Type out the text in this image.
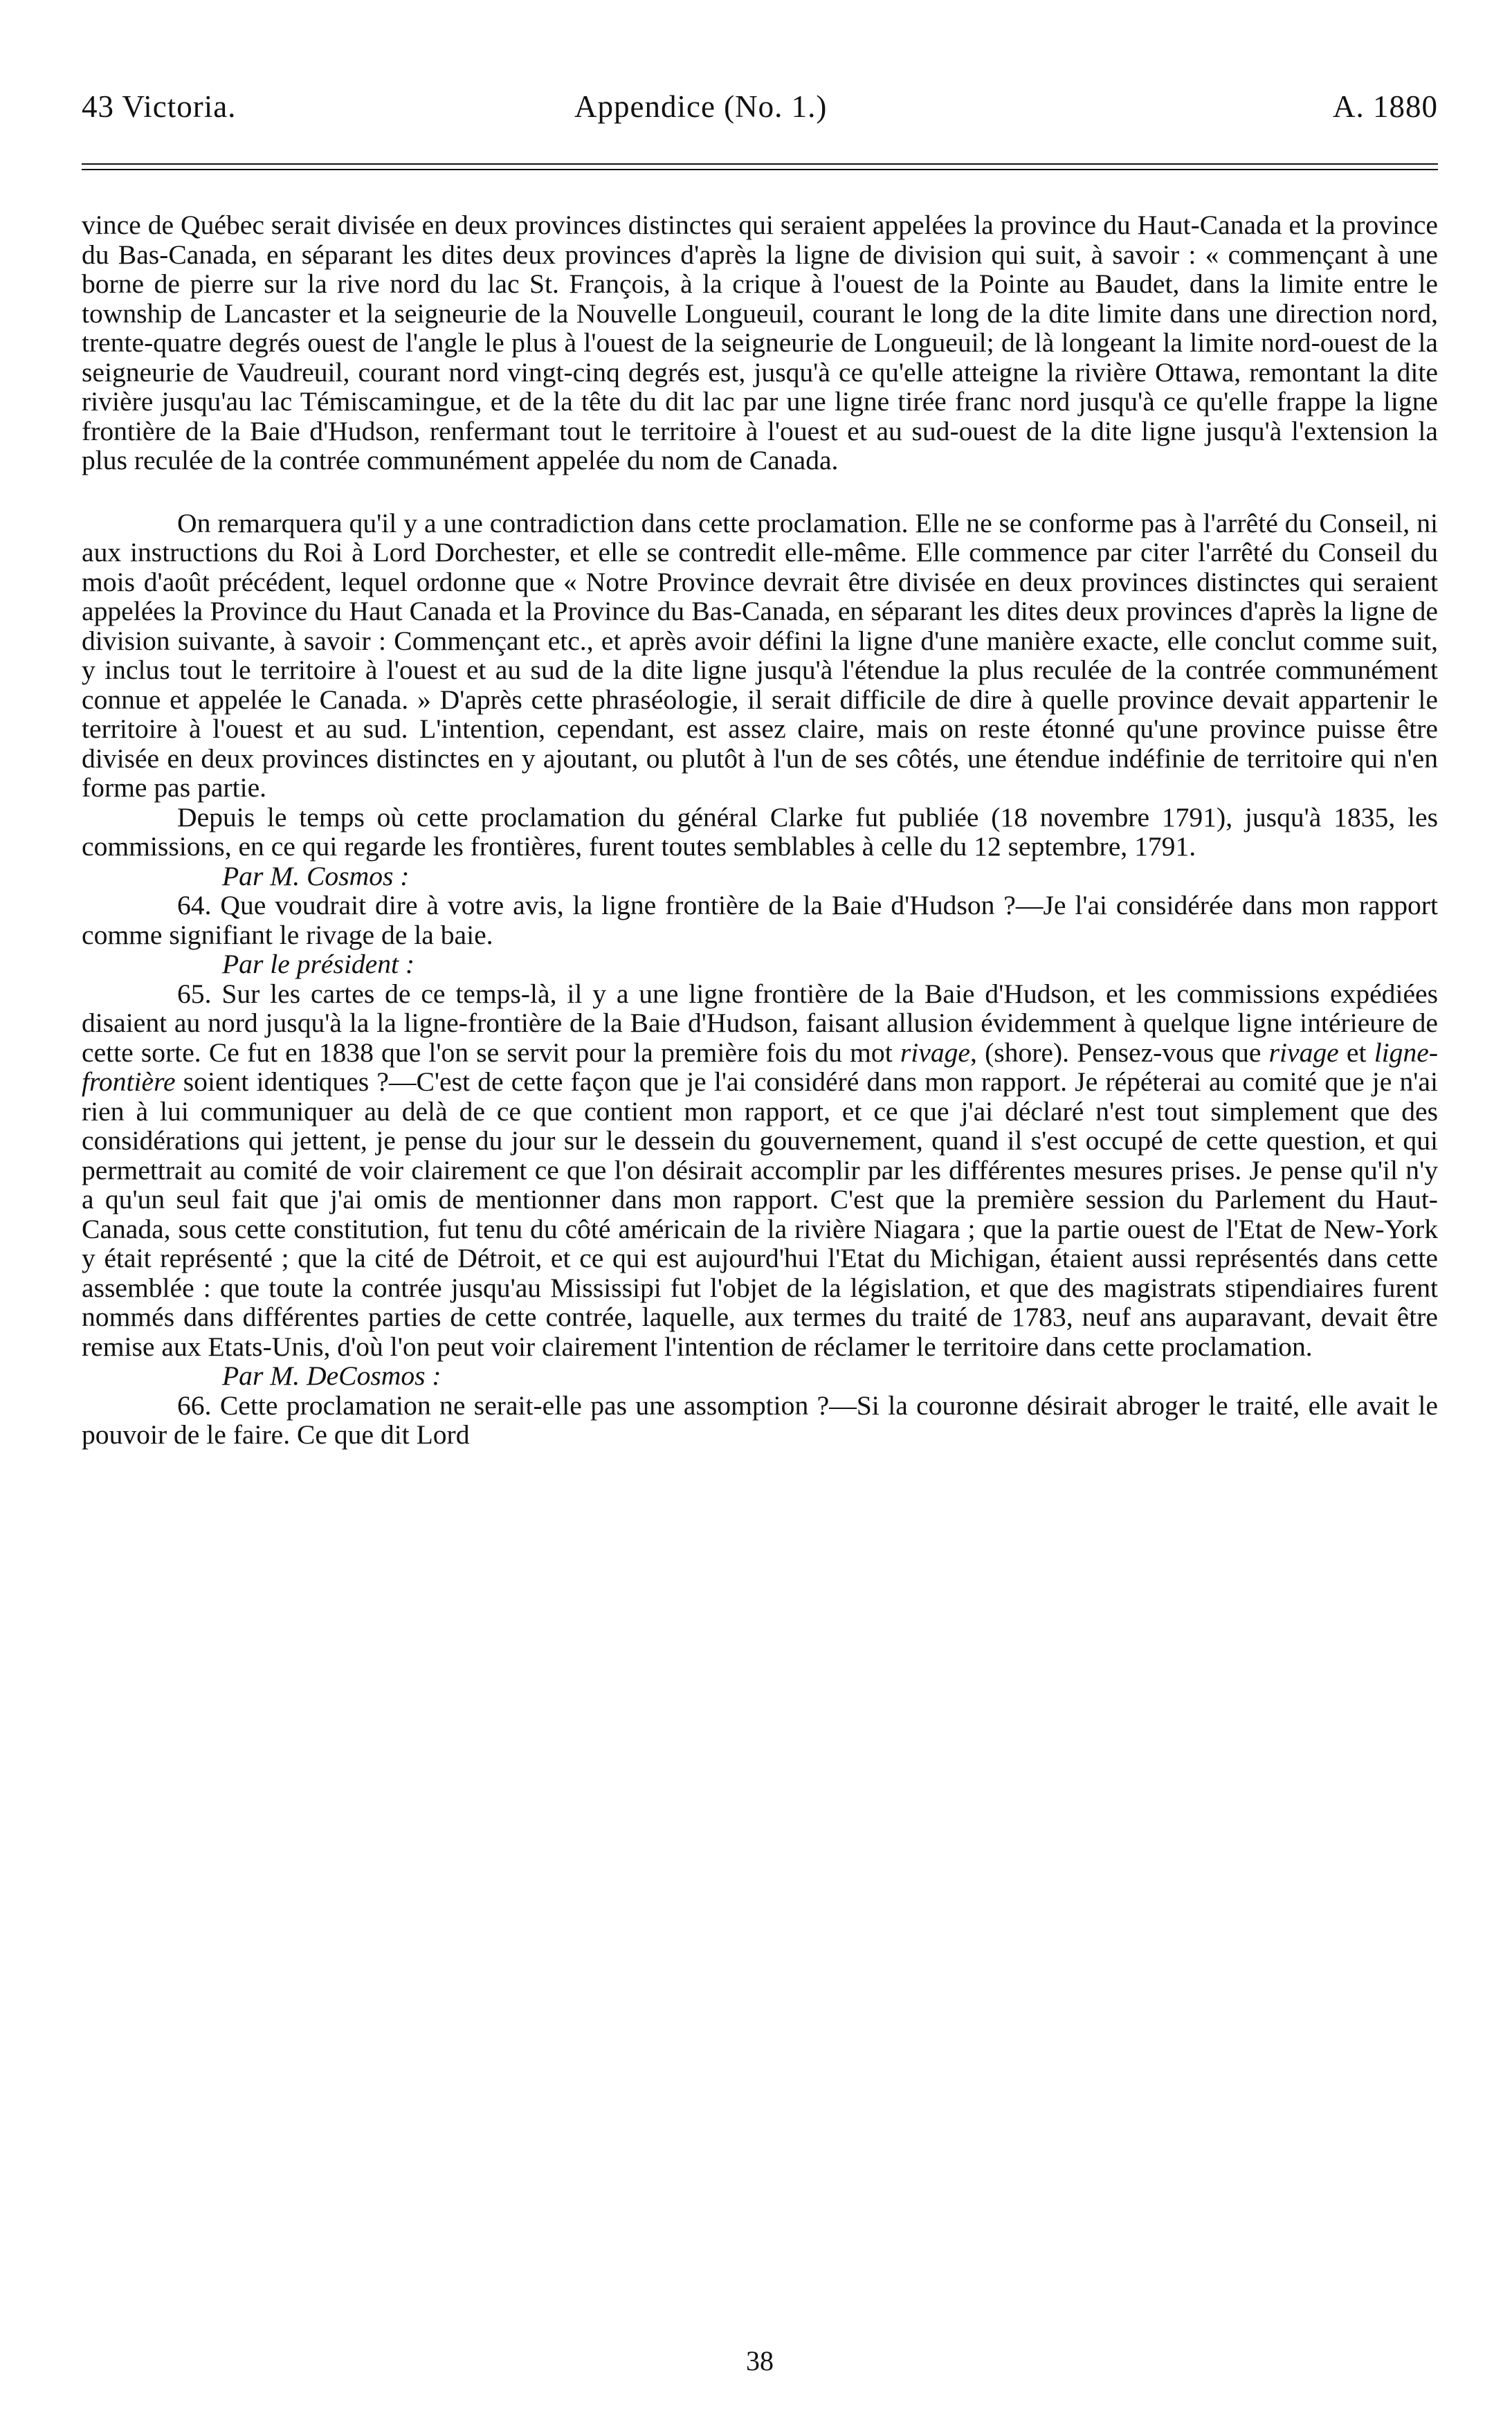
43 Victoria.	Appendice (No. 1.)	A. 1880

vince de Québec serait divisée en deux provinces distinctes qui seraient appelées la province du Haut-Canada et la province du Bas-Canada, en séparant les dites deux provinces d'après la ligne de division qui suit, à savoir : « commençant à une borne de pierre sur la rive nord du lac St. François, à la crique à l'ouest de la Pointe au Baudet, dans la limite entre le township de Lancaster et la seigneurie de la Nouvelle Longueuil, courant le long de la dite limite dans une direction nord, trente-quatre degrés ouest de l'angle le plus à l'ouest de la seigneurie de Longueuil; de là longeant la limite nord-ouest de la seigneurie de Vaudreuil, courant nord vingt-cinq degrés est, jusqu'à ce qu'elle atteigne la rivière Ottawa, remontant la dite rivière jusqu'au lac Témiscamingue, et de la tête du dit lac par une ligne tirée franc nord jusqu'à ce qu'elle frappe la ligne frontière de la Baie d'Hudson, renfermant tout le territoire à l'ouest et au sud-ouest de la dite ligne jusqu'à l'extension la plus reculée de la contrée communément appelée du nom de Canada.

On remarquera qu'il y a une contradiction dans cette proclamation. Elle ne se conforme pas à l'arrêté du Conseil, ni aux instructions du Roi à Lord Dorchester, et elle se contredit elle-même. Elle commence par citer l'arrêté du Conseil du mois d'août précédent, lequel ordonne que « Notre Province devrait être divisée en deux provinces distinctes qui seraient appelées la Province du Haut Canada et la Province du Bas-Canada, en séparant les dites deux provinces d'après la ligne de division suivante, à savoir : Commençant etc., et après avoir défini la ligne d'une manière exacte, elle conclut comme suit, y inclus tout le territoire à l'ouest et au sud de la dite ligne jusqu'à l'étendue la plus reculée de la contrée communément connue et appelée le Canada. » D'après cette phraséologie, il serait difficile de dire à quelle province devait appartenir le territoire à l'ouest et au sud. L'intention, cependant, est assez claire, mais on reste étonné qu'une province puisse être divisée en deux provinces distinctes en y ajoutant, ou plutôt à l'un de ses côtés, une étendue indéfinie de territoire qui n'en forme pas partie.

Depuis le temps où cette proclamation du général Clarke fut publiée (18 novembre 1791), jusqu'à 1835, les commissions, en ce qui regarde les frontières, furent toutes semblables à celle du 12 septembre, 1791.

Par M. Cosmos :

64. Que voudrait dire à votre avis, la ligne frontière de la Baie d'Hudson ?—Je l'ai considérée dans mon rapport comme signifiant le rivage de la baie.

Par le président :

65. Sur les cartes de ce temps-là, il y a une ligne frontière de la Baie d'Hudson, et les commissions expédiées disaient au nord jusqu'à la la ligne-frontière de la Baie d'Hudson, faisant allusion évidemment à quelque ligne intérieure de cette sorte. Ce fut en 1838 que l'on se servit pour la première fois du mot rivage, (shore). Pensez-vous que rivage et ligne-frontière soient identiques ?—C'est de cette façon que je l'ai considéré dans mon rapport. Je répéterai au comité que je n'ai rien à lui communiquer au delà de ce que contient mon rapport, et ce que j'ai déclaré n'est tout simplement que des considérations qui jettent, je pense du jour sur le dessein du gouvernement, quand il s'est occupé de cette question, et qui permettrait au comité de voir clairement ce que l'on désirait accomplir par les différentes mesures prises. Je pense qu'il n'y a qu'un seul fait que j'ai omis de mentionner dans mon rapport. C'est que la première session du Parlement du Haut-Canada, sous cette constitution, fut tenu du côté américain de la rivière Niagara ; que la partie ouest de l'Etat de New-York y était représenté ; que la cité de Détroit, et ce qui est aujourd'hui l'Etat du Michigan, étaient aussi représentés dans cette assemblée : que toute la contrée jusqu'au Mississipi fut l'objet de la législation, et que des magistrats stipendiaires furent nommés dans différentes parties de cette contrée, laquelle, aux termes du traité de 1783, neuf ans auparavant, devait être remise aux Etats-Unis, d'où l'on peut voir clairement l'intention de réclamer le territoire dans cette proclamation.

Par M. DeCosmos :

66. Cette proclamation ne serait-elle pas une assomption ?—Si la couronne désirait abroger le traité, elle avait le pouvoir de le faire. Ce que dit Lord

38
